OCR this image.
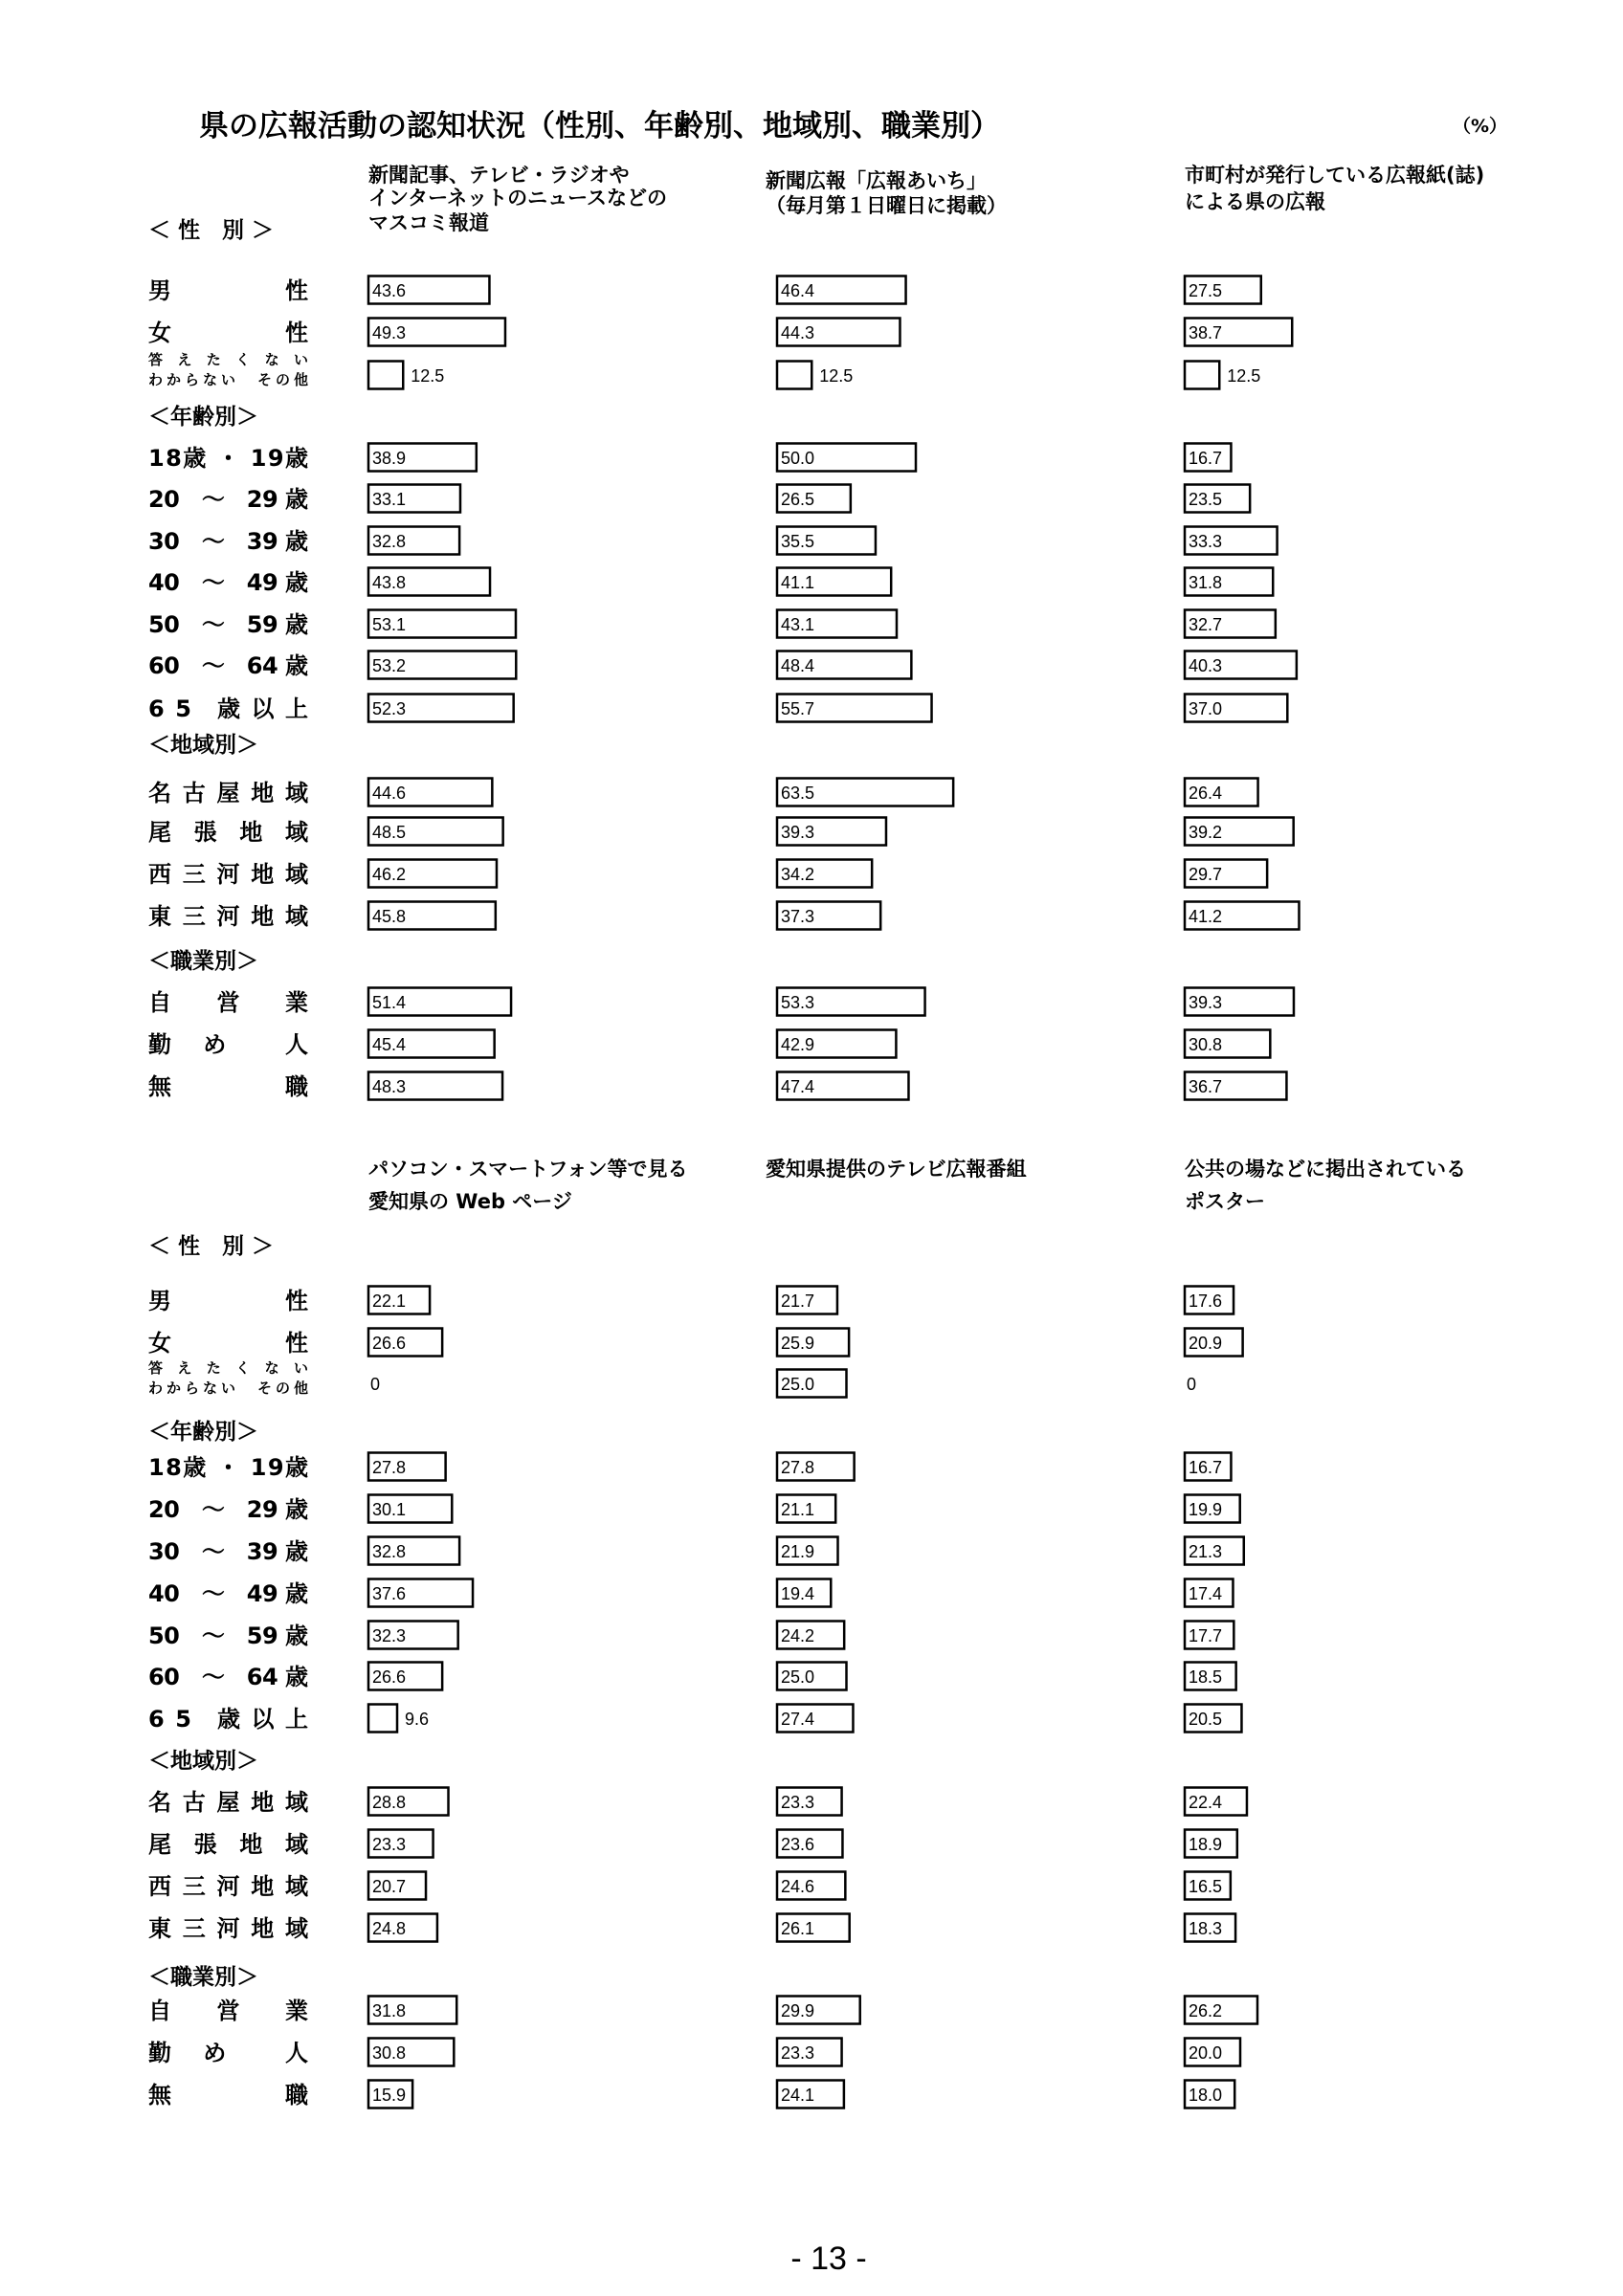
県の広報活動の認知状況（性別、年齢別、地域別、職業別）	（%）
新聞記事、テレビ・ラジオや
インターネットのニュースなどの
マスコミ報道
新聞広報「広報あいち」
（毎月第１日曜日に掲載）
市町村が発行している広報紙(誌)
による県の広報
＜ 性　別 ＞
男　　　性	43.6	46.4	27.5
女　　　性	49.3	44.3	38.7
答えたくない
わからない　その他	12.5	12.5	12.5
＜年齢別＞
18歳 ・ 19歳	38.9	50.0	16.7
20　～　29 歳	33.1	26.5	23.5
30　～　39 歳	32.8	35.5	33.3
40　～　49 歳	43.8	41.1	31.8
50　～　59 歳	53.1	43.1	32.7
60　～　64 歳	53.2	48.4	40.3
6 5　歳 以 上	52.3	55.7	37.0
＜地域別＞
名 古 屋 地 域	44.6	63.5	26.4
尾　張　地　域	48.5	39.3	39.2
西 三 河 地 域	46.2	34.2	29.7
東 三 河 地 域	45.8	37.3	41.2
＜職業別＞
自　　営　　業	51.4	53.3	39.3
勤　め　　人	45.4	42.9	30.8
無　　　　職	48.3	47.4	36.7
パソコン・スマートフォン等で見る
愛知県の Web ページ
愛知県提供のテレビ広報番組	公共の場などに掲出されている
ポスター
＜ 性　別 ＞
男　　　性	22.1	21.7	17.6
女　　　性	26.6	25.9	20.9
答えたくない
わからない　その他	0	25.0	0
＜年齢別＞
18歳 ・ 19歳	27.8	27.8	16.7
20　～　29 歳	30.1	21.1	19.9
30　～　39 歳	32.8	21.9	21.3
40　～　49 歳	37.6	19.4	17.4
50　～　59 歳	32.3	24.2	17.7
60　～　64 歳	26.6	25.0	18.5
6 5　歳 以 上	9.6	27.4	20.5
＜地域別＞
名 古 屋 地 域	28.8	23.3	22.4
尾　張　地　域	23.3	23.6	18.9
西 三 河 地 域	20.7	24.6	16.5
東 三 河 地 域	24.8	26.1	18.3
＜職業別＞
自　　営　　業	31.8	29.9	26.2
勤　め　　人	30.8	23.3	20.0
無　　　　職	15.9	24.1	18.0
- 13 -
